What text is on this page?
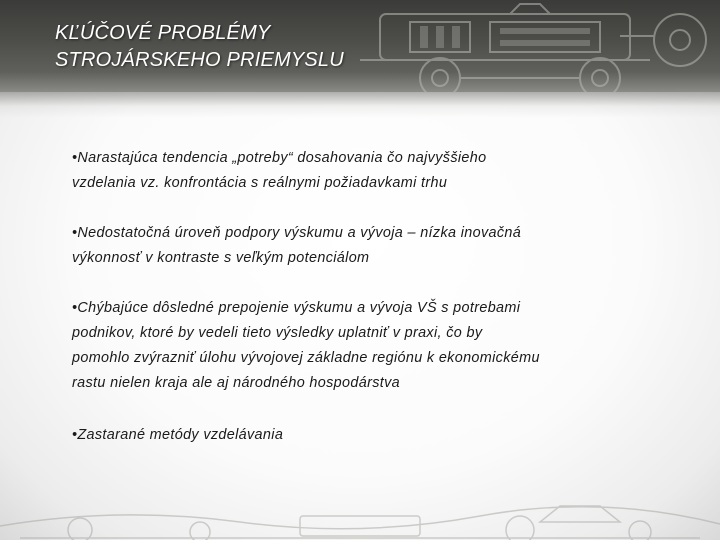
KĽÚČOVÉ PROBLÉMY
STROJÁRSKEHO PRIEMYSLU
•Narastajúca tendencia „potreby“ dosahovania čo najvyššieho
vzdelania vz. konfrontácia s reálnymi požiadavkami trhu
•Nedostatočná úroveň podpory výskumu a vývoja – nízka inovačná
výkonnosť v kontraste s veľkým potenciálom
•Chýbajúce dôsledné prepojenie výskumu a vývoja VŠ s potrebami
podnikov, ktoré by vedeli tieto výsledky uplatniť v praxi, čo by
pomohlo zvýrazniť úlohu vývojovej základne regiónu k ekonomickému
rastu nielen kraja ale aj národného hospodárstva
•Zastarané metódy vzdelávania
